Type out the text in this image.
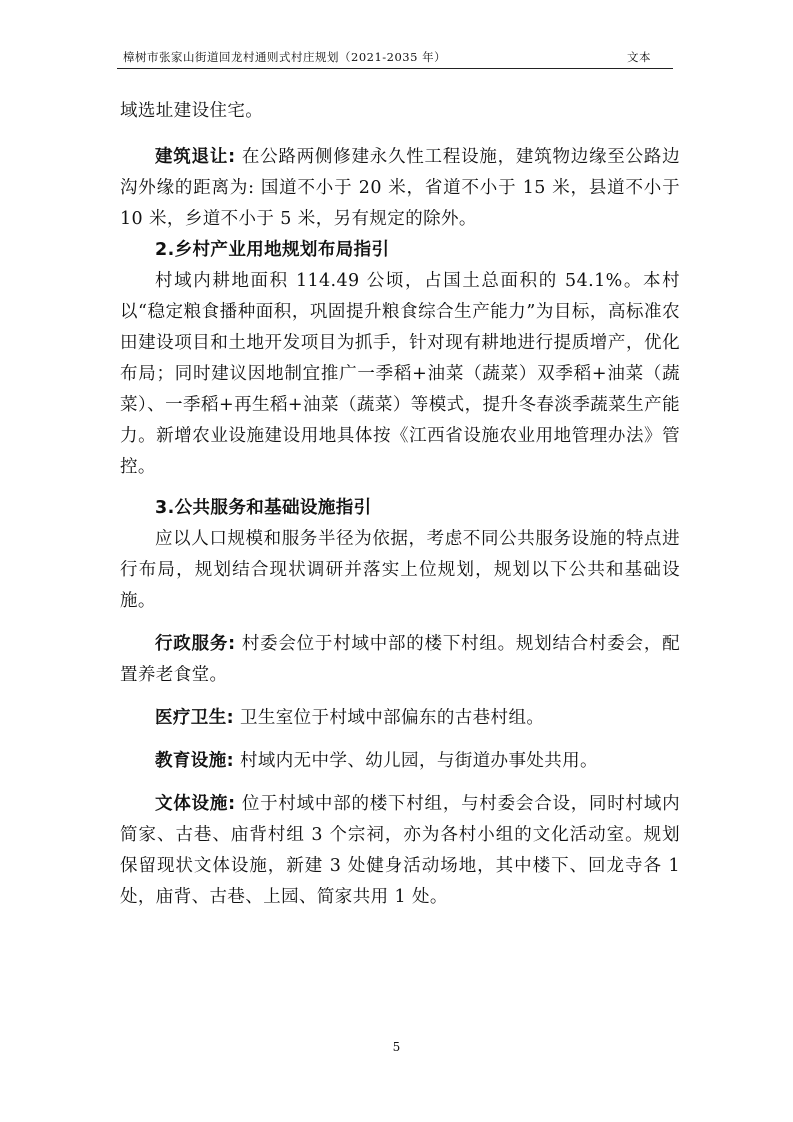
樟树市张家山街道回龙村通则式村庄规划（2021-2035 年）	文本

域选址建设住宅。

建筑退让: 在公路两侧修建永久性工程设施，建筑物边缘至公路边沟外缘的距离为: 国道不小于 20 米，省道不小于 15 米，县道不小于 10 米，乡道不小于 5 米，另有规定的除外。

2.乡村产业用地规划布局指引

村域内耕地面积 114.49 公顷，占国土总面积的 54.1%。本村以“稳定粮食播种面积，巩固提升粮食综合生产能力”为目标，高标准农田建设项目和土地开发项目为抓手，针对现有耕地进行提质增产，优化布局；同时建议因地制宜推广一季稻+油菜（蔬菜）双季稻+油菜（蔬菜）、一季稻+再生稻+油菜（蔬菜）等模式，提升冬春淡季蔬菜生产能力。新增农业设施建设用地具体按《江西省设施农业用地管理办法》管控。

3.公共服务和基础设施指引

应以人口规模和服务半径为依据，考虑不同公共服务设施的特点进行布局，规划结合现状调研并落实上位规划，规划以下公共和基础设施。

行政服务: 村委会位于村域中部的楼下村组。规划结合村委会，配置养老食堂。

医疗卫生: 卫生室位于村域中部偏东的古巷村组。

教育设施: 村域内无中学、幼儿园，与街道办事处共用。

文体设施: 位于村域中部的楼下村组，与村委会合设，同时村域内简家、古巷、庙背村组 3 个宗祠，亦为各村小组的文化活动室。规划保留现状文体设施，新建 3 处健身活动场地，其中楼下、回龙寺各 1 处，庙背、古巷、上园、简家共用 1 处。

5
